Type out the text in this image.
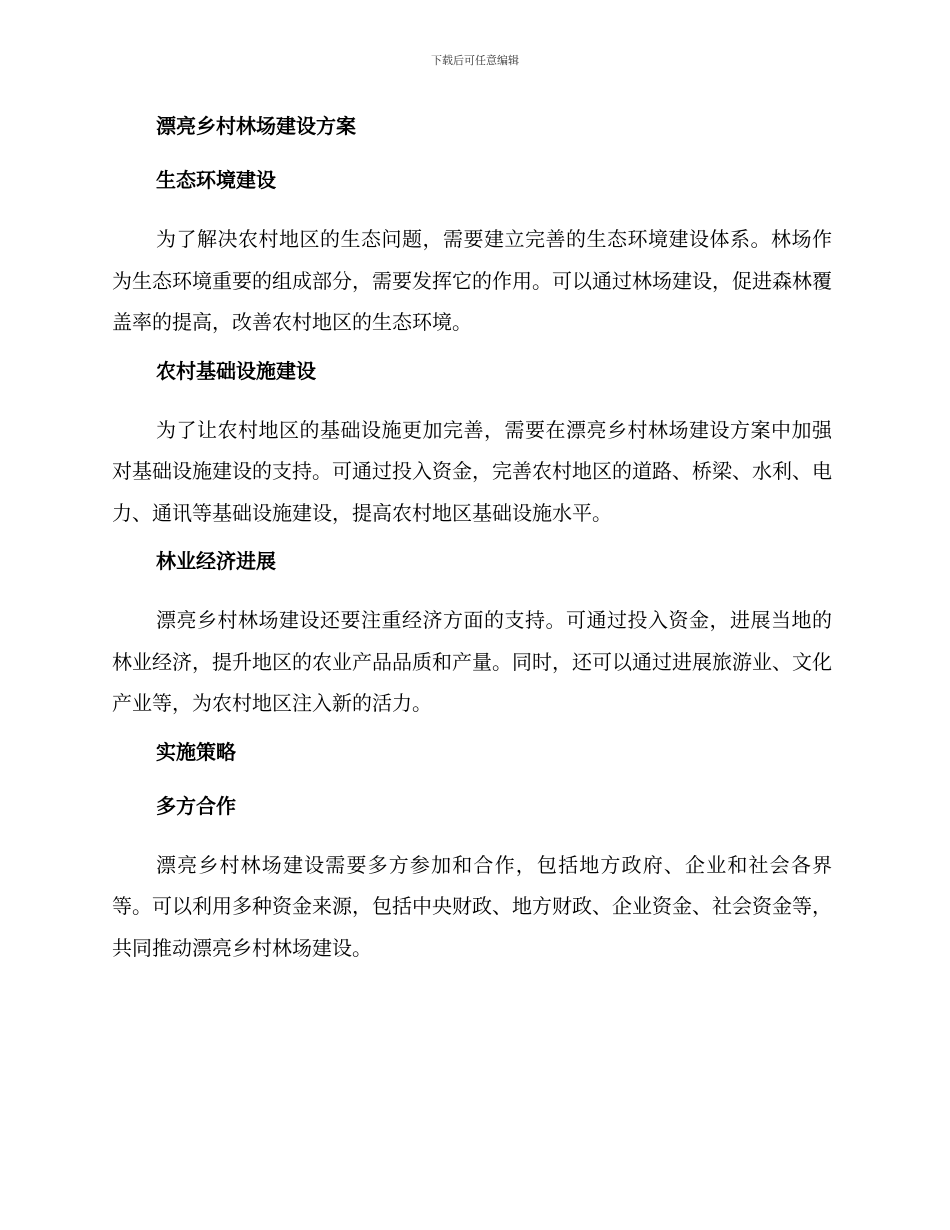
下载后可任意编辑
漂亮乡村林场建设方案
生态环境建设

为了解决农村地区的生态问题，需要建立完善的生态环境建设体系。林场作为生态环境重要的组成部分，需要发挥它的作用。可以通过林场建设，促进森林覆盖率的提高，改善农村地区的生态环境。

农村基础设施建设

为了让农村地区的基础设施更加完善，需要在漂亮乡村林场建设方案中加强对基础设施建设的支持。可通过投入资金，完善农村地区的道路、桥梁、水利、电力、通讯等基础设施建设，提高农村地区基础设施水平。

林业经济进展

漂亮乡村林场建设还要注重经济方面的支持。可通过投入资金，进展当地的林业经济，提升地区的农业产品品质和产量。同时，还可以通过进展旅游业、文化产业等，为农村地区注入新的活力。

实施策略
多方合作

漂亮乡村林场建设需要多方参加和合作，包括地方政府、企业和社会各界等。可以利用多种资金来源，包括中央财政、地方财政、企业资金、社会资金等，共同推动漂亮乡村林场建设。
